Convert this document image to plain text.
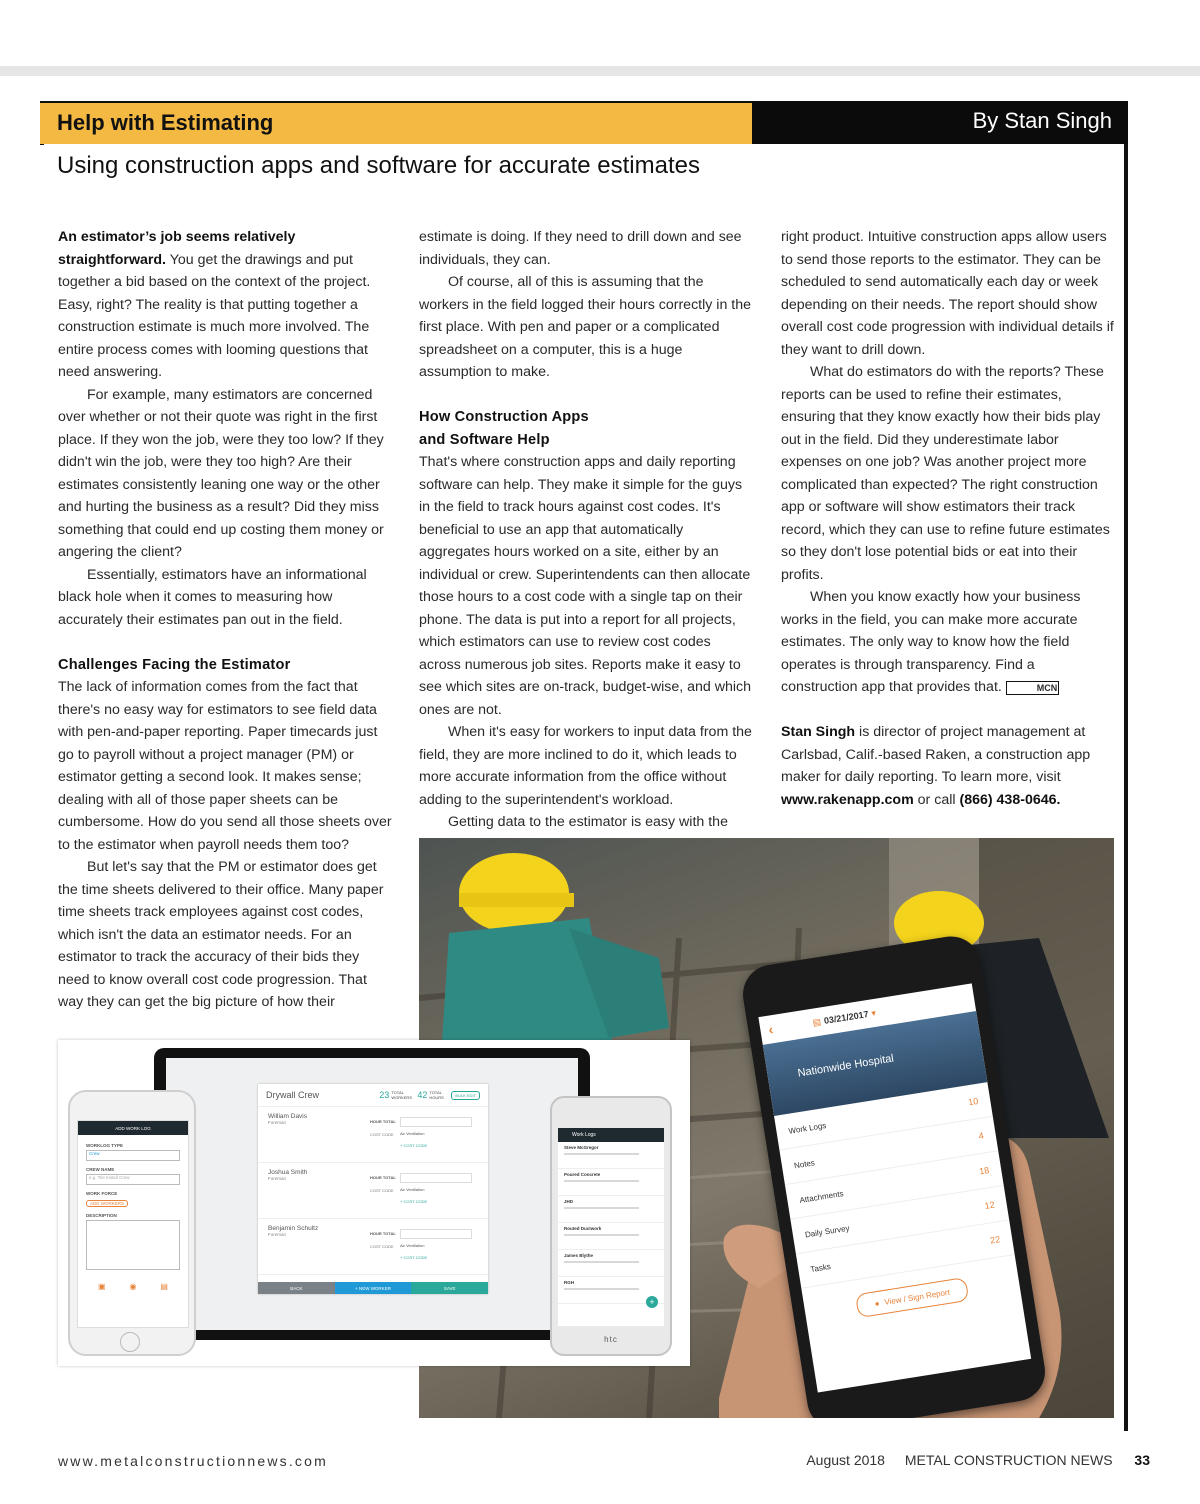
Help with Estimating	By Stan Singh
Using construction apps and software for accurate estimates

An estimator’s job seems relatively straightforward. You get the drawings and put together a bid based on the context of the project. Easy, right? The reality is that putting together a construction estimate is much more involved. The entire process comes with looming questions that need answering.

For example, many estimators are concerned over whether or not their quote was right in the first place. If they won the job, were they too low? If they didn't win the job, were they too high? Are their estimates consistently leaning one way or the other and hurting the business as a result? Did they miss something that could end up costing them money or angering the client?

Essentially, estimators have an informational black hole when it comes to measuring how accurately their estimates pan out in the field.

Challenges Facing the Estimator

The lack of information comes from the fact that there's no easy way for estimators to see field data with pen-and-paper reporting. Paper timecards just go to payroll without a project manager (PM) or estimator getting a second look. It makes sense; dealing with all of those paper sheets can be cumbersome. How do you send all those sheets over to the estimator when payroll needs them too?

But let's say that the PM or estimator does get the time sheets delivered to their office. Many paper time sheets track employees against cost codes, which isn't the data an estimator needs. For an estimator to track the accuracy of their bids they need to know overall cost code progression. That way they can get the big picture of how their

estimate is doing. If they need to drill down and see individuals, they can.

Of course, all of this is assuming that the workers in the field logged their hours correctly in the first place. With pen and paper or a complicated spreadsheet on a computer, this is a huge assumption to make.

How Construction Apps
and Software Help

That's where construction apps and daily reporting software can help. They make it simple for the guys in the field to track hours against cost codes. It's beneficial to use an app that automatically aggregates hours worked on a site, either by an individual or crew. Superintendents can then allocate those hours to a cost code with a single tap on their phone. The data is put into a report for all projects, which estimators can use to review cost codes across numerous job sites. Reports make it easy to see which sites are on-track, budget-wise, and which ones are not.

When it's easy for workers to input data from the field, they are more inclined to do it, which leads to more accurate information from the office without adding to the superintendent's workload.

Getting data to the estimator is easy with the

right product. Intuitive construction apps allow users to send those reports to the estimator. They can be scheduled to send automatically each day or week depending on their needs. The report should show overall cost code progression with individual details if they want to drill down.

What do estimators do with the reports? These reports can be used to refine their estimates, ensuring that they know exactly how their bids play out in the field. Did they underestimate labor expenses on one job? Was another project more complicated than expected? The right construction app or software will show estimators their track record, which they can use to refine future estimates so they don't lose potential bids or eat into their profits.

When you know exactly how your business works in the field, you can make more accurate estimates. The only way to know how the field operates is through transparency. Find a construction app that provides that.	MCN

Stan Singh is director of project management at Carlsbad, Calif.-based Raken, a construction app maker for daily reporting. To learn more, visit www.rakenapp.com or call (866) 438-0646.

‹	▤ 03/21/2017 ▾
Nationwide Hospital
Work Logs
10
Notes
4
Attachments
18
Daily Survey
12
Tasks
22
● View / Sign Report
Drywall Crew	23 TOTAL WORKERS 42 TOTAL HOURS	BULK EDIT
William Davis
Foreman	HOUR TOTAL
COST CODE Air Ventilation
+ COST CODE
Joshua Smith
Foreman	HOUR TOTAL
COST CODE Air Ventilation
+ COST CODE
Benjamin Schultz
Foreman	HOUR TOTAL
COST CODE Air Ventilation
+ COST CODE
BACK	+ NEW WORKER	SAVE
ADD WORK LOG
WORKLOG TYPE
Crew
CREW NAME
e.g. Tile Install Crew
WORK FORCE
ADD WORKERS
DESCRIPTION
▣	◉	▤
Work Logs
Steve McGregor
Poured Concrete
JHD
Routed Ductwork
James Blythe
RGH
+
htc
www.metalconstructionnews.com	August 2018 METAL CONSTRUCTION NEWS 33
